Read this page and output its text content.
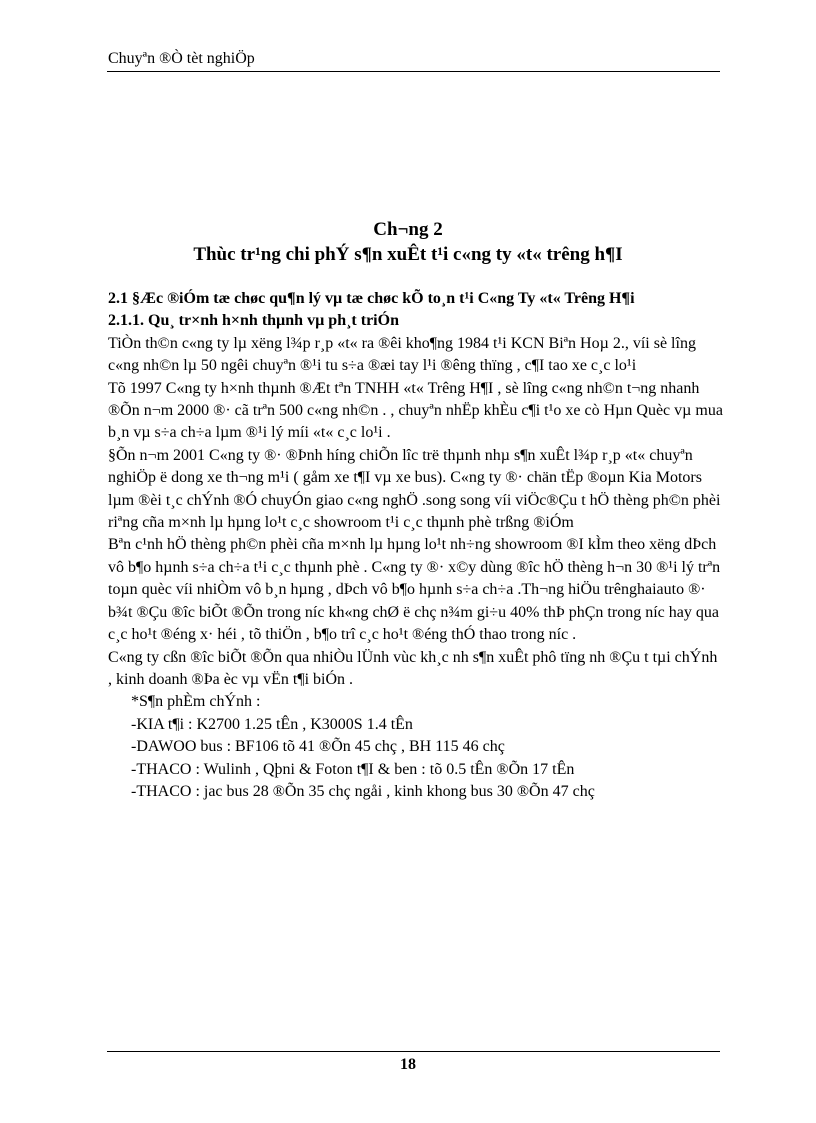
Chuyªn ®Ò tèt nghiÖp
Ch¬ng 2
Thùc tr¹ng chi phÝ s¶n xuÊt t¹i c«ng ty «t« trêng h¶I

2.1 §Æc ®iÓm tæ chøc qu¶n lý vµ tæ chøc kÕ to¸n t¹i C«ng Ty «t« Trêng H¶i

2.1.1. Qu¸ tr×nh h×nh thµnh vµ ph¸t triÓn

TiÒn th©n c«ng ty lµ xëng l¾p r¸p «t« ra ®êi kho¶ng 1984 t¹i KCN Biªn Hoµ 2., víi sè lîng c«ng nh©n lµ 50 ngêi chuyªn ®¹i tu s÷a ®æi tay l¹i ®êng thïng , c¶I tao xe c¸c lo¹i

Tõ 1997 C«ng ty h×nh thµnh ®Æt tªn TNHH «t« Trêng H¶I , sè lîng c«ng nh©n t¬ng nhanh ®Õn n¬m 2000 ®· cã trªn 500 c«ng nh©n . , chuyªn nhËp khÈu c¶i t¹o xe cò Hµn Quèc vµ mua b¸n vµ s÷a ch÷a lµm ®¹i lý míi «t« c¸c lo¹i .

§Õn n¬m 2001 C«ng ty ®· ®Þnh híng chiÕn lîc trë thµnh nhµ s¶n xuÊt l¾p r¸p «t« chuyªn nghiÖp ë dong xe th¬ng m¹i ( gåm xe t¶I vµ xe bus). C«ng ty ®· chän tËp ®oµn Kia Motors lµm ®èi t¸c chÝnh ®Ó chuyÓn giao c«ng nghÖ .song song víi viÖc®Çu t hÖ thèng ph©n phèi riªng cña m×nh lµ hµng lo¹t c¸c showroom t¹i c¸c thµnh phè trßng ®iÓm

Bªn c¹nh hÖ thèng ph©n phèi cña m×nh lµ hµng lo¹t nh÷ng showroom ®I kÌm theo xëng dÞch vô b¶o hµnh s÷a ch÷a t¹i c¸c thµnh phè . C«ng ty ®· x©y dùng ®îc hÖ thèng h¬n 30 ®¹i lý trªn toµn quèc víi nhiÒm vô b¸n hµng , dÞch vô b¶o hµnh s÷a ch÷a .Th¬ng hiÖu trênghaiauto ®· b¾t ®Çu ®îc biÕt ®Õn trong níc kh«ng chØ ë chç n¾m gi÷u 40% thÞ phÇn trong níc hay qua c¸c ho¹t ®éng x· héi , tõ thiÖn , b¶o trî c¸c ho¹t ®éng thÓ thao trong níc .

C«ng ty cßn ®îc biÕt ®Õn qua nhiÒu lÜnh vùc kh¸c nh s¶n xuÊt phô tïng nh ®Çu t tµi chÝnh , kinh doanh ®Þa èc vµ vËn t¶i biÓn .

*S¶n phÈm chÝnh :

-KIA t¶i : K2700 1.25 tÊn , K3000S 1.4 tÊn

-DAWOO bus : BF106 tõ 41 ®Õn 45 chç , BH 115 46 chç

-THACO : Wulinh , Qþni & Foton t¶I & ben : tõ 0.5 tÊn ®Õn 17 tÊn

-THACO : jac bus 28 ®Õn 35 chç ngåi , kinh khong bus 30 ®Õn 47 chç

18
